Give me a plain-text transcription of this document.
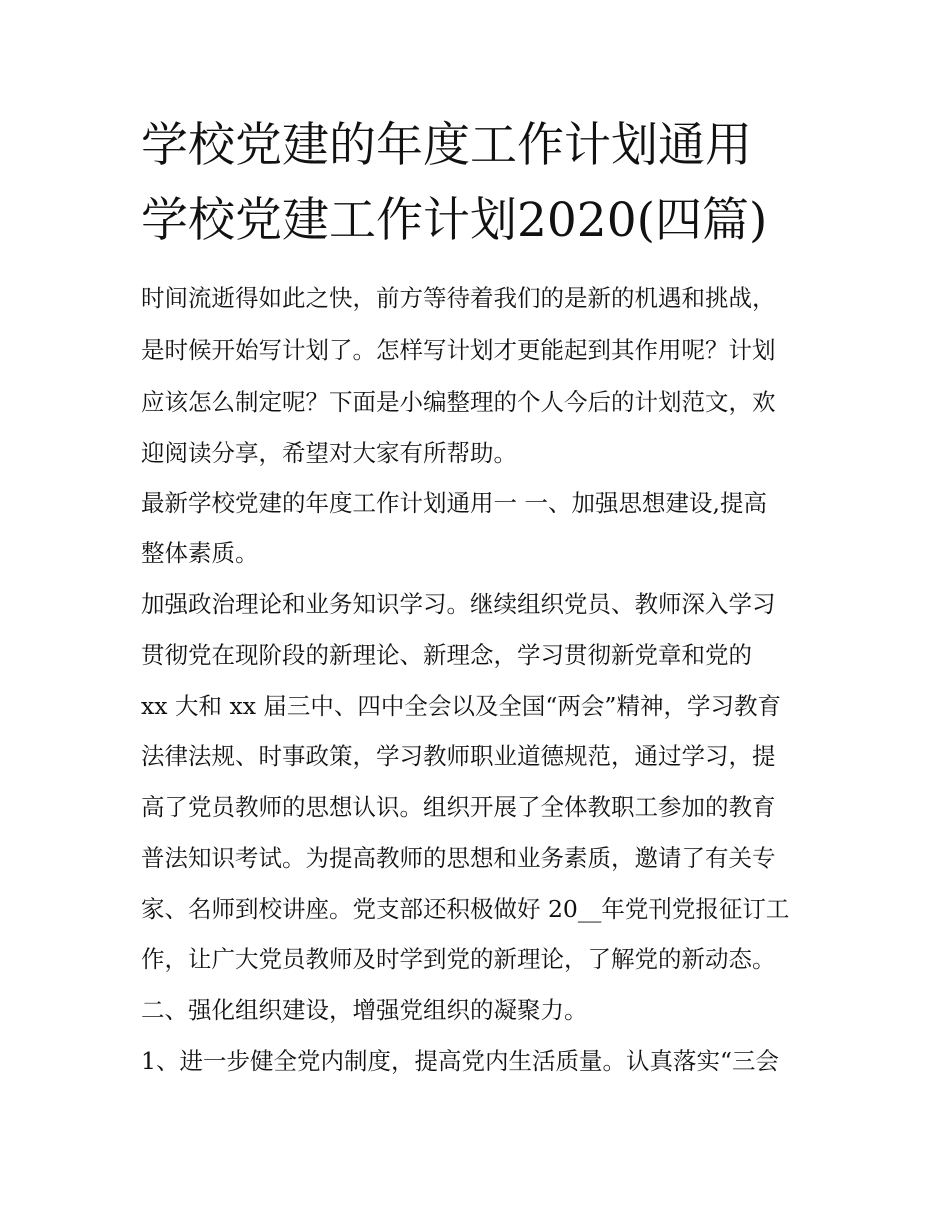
学校党建的年度工作计划通用
学校党建工作计划2020(四篇)

时间流逝得如此之快，前方等待着我们的是新的机遇和挑战，

是时候开始写计划了。怎样写计划才更能起到其作用呢？计划

应该怎么制定呢？下面是小编整理的个人今后的计划范文，欢

迎阅读分享，希望对大家有所帮助。

最新学校党建的年度工作计划通用一 一、加强思想建设,提高

整体素质。

加强政治理论和业务知识学习。继续组织党员、教师深入学习

贯彻党在现阶段的新理论、新理念，学习贯彻新党章和党的

xx 大和 xx 届三中、四中全会以及全国“两会”精神，学习教育

法律法规、时事政策，学习教师职业道德规范，通过学习，提

高了党员教师的思想认识。组织开展了全体教职工参加的教育

普法知识考试。为提高教师的思想和业务素质，邀请了有关专

家、名师到校讲座。党支部还积极做好 20__年党刊党报征订工

作，让广大党员教师及时学到党的新理论，了解党的新动态。

二、强化组织建设，增强党组织的凝聚力。

1、进一步健全党内制度，提高党内生活质量。认真落实“三会
